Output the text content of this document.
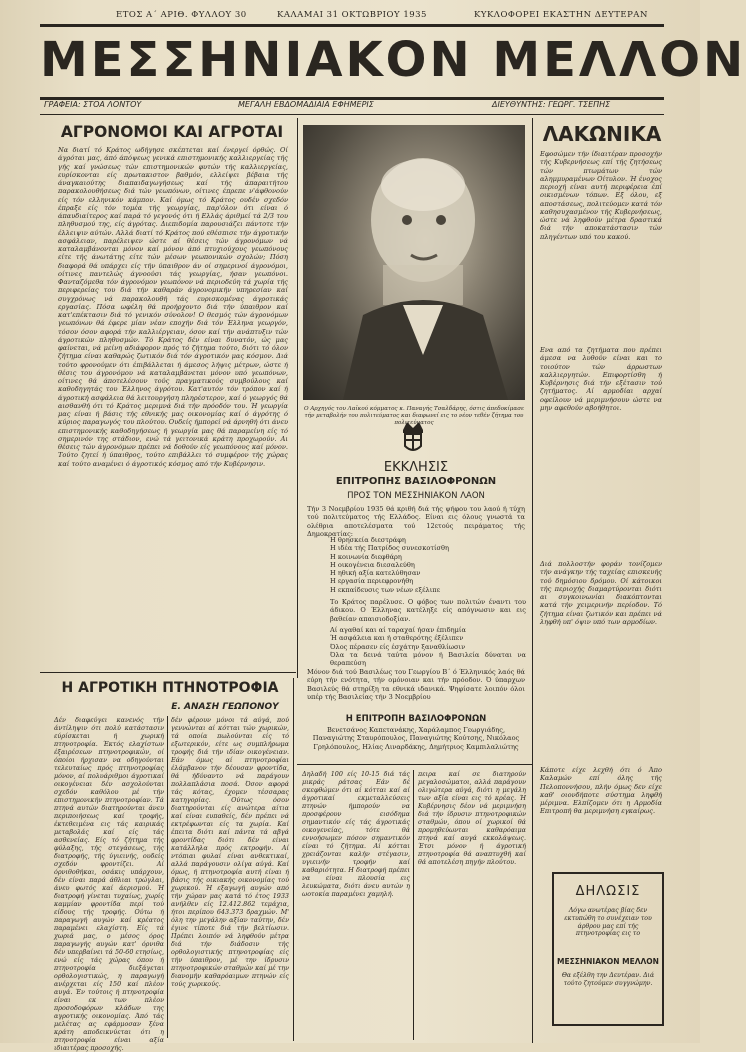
ΕΤΟΣ Α΄ ΑΡΙΘ. ΦΥΛΛΟΥ 30	ΚΑΛΑΜΑΙ 31 ΟΚΤΩΒΡΙΟΥ 1935	ΚΥΚΛΟΦΟΡΕΙ ΕΚΑΣΤΗΝ ΔΕΥΤΕΡΑΝ
ΜΕΣΣΗΝΙΑΚΟΝ ΜΕΛΛΟΝ
ΓΡΑΦΕΙΑ: ΣΤΟΑ ΛΟΝΤΟΥ	ΜΕΓΑΛΗ ΕΒΔΟΜΑΔΙΑΙΑ ΕΦΗΜΕΡΙΣ	ΔΙΕΥΘΥΝΤΗΣ: ΓΕΩΡΓ. ΤΣΕΠΗΣ
ΑΓΡΟΝΟΜΟΙ ΚΑΙ ΑΓΡΟΤΑΙ

Να διατί τό Κράτος ωδήγησε σκέπτεται καί ένεργεί όρθώς. Οί άγρόται μας, άπό άπόψεως γενικά επιστημονικής καλλιεργείας τής γής καί γνώσεως τών επιστημονικών φυτών τής καλλιεργείας, ευρίσκονται είς πρωτακιστον βαθμόν, ελλείψει βέβαια τής άναγκαιούτης διαπαιδαγωγήσεως καί τής άπαραιτήτου παρακολουθήσεως διά τών γεωπόνων, οίτινες έπρεπε ν'άφθονούν είς τόν ελληνικόν κάμπον. Καί όμως τό Κράτος ουδέν σχεδόν έπραξε είς τόν τομέα τής γεωργίας, παρ'όλον ότι είναι ό άπαυδιαίτερος καί παρά τό γεγονός ότι ή Ελλάς άριθμεί τά 2/3 του πληθυσμού της, είς άγρότας. Διεπιδομία παρουσιάζει πάντοτε τήν έλλειψιν αύτών. Αλλά διατί τό Κράτος πού εθέσπισε τήν άγροτικήν ασφάλειαν, παρέλειψεν ώστε αί θέσεις τών άγρονόμων νά καταλαμβάνονται μόνον καί μόνον άπό πτυχιούχους γεωπόνους είτε τής άνωτάτης είτε τών μέσων γεωπονικών σχολών; Πόση διαφορά θά υπάρχει είς τήν ύπαιθρον άν οί σημερινοί άγρονόμοι, οίτινες παντελώς άγνοούσι τάς γεωργίας, ήσαν γεωπόνοι. Φανταζόμεθα τόν άγρονόμον γεωπόνον νά περιοδεύη τά χωρία τής περιφερείας του διά τήν καθαράν άγρονομικήν υπηρεσίαν καί συγχρόνως νά παρακολουθή τάς ευρισκομένας άγροτικάς εργασίας. Πόσα ωφέλη θά προήρχοντο διά τήν ύπαιθρον καί κατ'επέκτασιν διά τό γενικόν σύνολον! Ο θεσμός τών άγρονόμων γεωπόνων θά έφερε μίαν νέαν εποχήν διά τόν Έλληνα γεωργόν, τόσον όσον αφορά τήν καλλιέργειαν, όσον καί τήν ανάπτυξιν τών άγροτικών πληθυσμών. Τό Κράτος δέν είναι δυνατόν, ώς μας φαίνεται, νά μείνη αδιάφορον πρός τό ζήτημα τούτο, διότι τό όλον ζήτημα είναι καθαρώς ζωτικόν διά τόν άγροτικόν μας κόσμον. Διά τούτο φρονούμεν ότι έπιβάλλεται ή άμεσος λήψις μέτρων, ώστε ή θέσις του άγρονόμου νά καταλαμβάνεται μόνον υπό γεωπόνων, οίτινες θά άποτελέσουν τούς πραγματικούς συμβούλους καί καθοδηγητάς του Έλληνος άγρότου. Κατ'αυτόν τόν τρόπον καί ή άγροτική ασφάλεια θά λειτουργήση πληρέστερον, καί ό γεωργός θά αισθανθή ότι τό Κράτος μεριμνά διά τήν πρόοδόν του. Ή γεωργία μας είναι ή βάσις τής εθνικής μας οικονομίας καί ό άγρότης ό κύριος παραγωγός του πλούτου. Ουδείς ήμπορεί νά άρνηθή ότι άνευ επιστημονικής καθοδηγήσεως ή γεωργία μας θά παραμείνη είς τό σημερινόν της στάδιον, ενώ τά γειτονικά κράτη προχωρούν. Αι θέσεις τών άγρονόμων πρέπει νά δοθούν είς γεωπόνους καί μόνον. Τούτο ζητεί ή ύπαιθρος, τούτο επιβάλλει τό συμφέρον τής χώρας καί τούτο αναμένει ό άγροτικός κόσμος από τήν Κυβέρνησιν.

Η ΑΓΡΟΤΙΚΗ ΠΤΗΝΟΤΡΟΦΙΑ
Ε. ΑΝΑΣΗ ΓΕΩΠΟΝΟΥ

Δέν διαφεύγει κανενός τήν άντίληψιν ότι πολύ κατάστασιν εύρίσκεται ή χωρική πτηνοτροφία. Έκτός ελαχίστων έξαιρέσεων πτηνοτροφικών, οί όποίοι ήρχισαν να οδηγούνται τελευταίως πρός πτηνοτροφίας μόνον, αί πολυάριθμοι άγροτικαί οικογένειαι δέν ασχολούνται σχεδόν καθόλου μέ τήν επιστημονικήν πτηνοτροφίαν. Τά πτηνά αυτών διατηρούνται άνευ περιποιήσεως καί τροφής, έκτεθειμένα εις τάς καιρικάς μεταβολάς καί είς τάς ασθενείας. Είς τό ζήτημα τής φύλαξης, τής στεγάσεως, τής διατροφής, τής ύγιεινής, ουδείς σχεδόν φροντίζει. Αί όρνιθοθήκαι, οσάκις υπάρχουν, δέν είναι παρά άθλιαι τρώγλαι, άνευ φωτός καί άερισμού. Ή διατροφή γίνεται τυχαίως, χωρίς καμμίαν φροντίδα περί τού είδους τής τροφής. Ούτω ή παραγωγή αυγών καί κρέατος παραμένει ελαχίστη. Είς τά χωριά μας, ο μέσος όρος παραγωγής αυγών κατ' όρνιθα δέν υπερβαίνει τά 50-60 ετησίως, ενώ είς τάς χώρας όπου ή πτηνοτροφία διεξάγεται ορθολογιστικώς, η παραγωγή ανέρχεται είς 150 καί πλέον αυγά. Έν τούτοις ή πτηνοτροφία είναι εκ των πλέον προσοδοφόρων κλάδων της αγροτικής οικονομίας. Άπό τάς μελέτας ας εφάρμοσαν ξένα κράτη αποδεικνύεται ότι η πτηνοτροφία είναι αξία ιδιαιτέρας προσοχής.

δέν φέρουν μόνοι τά αύγά, πού γεννώνται αί κότται τών χωρικών, τά οποία πωλούνται είς τό εξωτερικόν, είτε ως συμπλήρωμα τροφής διά τήν ιδίαν οικογένειαν. Εάν όμως αί πτηνοτροφίαι έλάμβανον τήν δέουσαν φροντίδα, θά ήδύναντο νά παράγουν πολλαπλάσια ποσά. Όσον αφορά τάς κότας, έχομεν τέσσαρας κατηγορίας. Ούτως όσον διατηρούνται είς ανώτερα αίτια καί είναι ευπαθείς, δέν πρέπει νά εκτρέφωνται είς τα χωρία. Καί έπειτα διότι καί πάντα τά αβγά φροντίδας διότι δέν είναι κατάλληλα πρός εκτροφήν. Αί ντόπιαι φυλαί είναι ανθεκτικαί, αλλά παράγουσιν ολίγα αύγά. Καί όμως, ή πτηνοτροφία αυτή είναι ή βάσις τής οικιακής οικονομίας τού χωρικού. Ή εξαγωγή αυγών από τήν χώραν μας κατά τό έτος 1933 ανήλθεν είς 12.412.862 τεμάχια, ήτοι περίπου 643.373 δραχμών. Μ' όλη την μεγάλην αξίαν ταύτην, δέν έγινε τίποτε διά τήν βελτίωσιν. Πρέπει λοιπόν νά ληφθούν μέτρα διά τήν διάδοσιν τής ορθολογιστικής πτηνοτροφίας είς τήν ύπαιθρον, μέ την ίδρυσιν πτηνοτροφικών σταθμών καί μέ την διανομήν καθαρόαιμων πτηνών είς τούς χωρικούς.

Ο Αρχηγός του Λαϊκού κόμματος κ. Παναγής Τσαλδάρης, όστις άπεδοκίμασε τήν μεταβολήν του πολιτεύματος και διαφωνεί εις το νέον τεθέν ζήτημα του πολιτεύματος
ΕΚΚΛΗΣΙΣ
ΕΠΙΤΡΟΠΗΣ ΒΑΣΙΛΟΦΡΟΝΩΝ
ΠΡΟΣ ΤΟΝ ΜΕΣΣΗΝΙΑΚΟΝ ΛΑΟΝ

Τήν 3 Νοεμβρίου 1935 θά κριθή διά τής ψήφου του λαού ή τύχη τού πολιτεύματος τής Ελλάδος. Είναι εις όλους γνωστά τα ολέθρια αποτελέσματα τού 12ετούς πειράματος τής Δημοκρατίας:

Η θρησκεία διεστράφη
Η ιδέα τής Πατρίδος συνεσκοτίσθη
Η κοινωνία διεφθάρη
Η οικογένεια διεσαλεύθη
Η ηθική αξία κατελύθησαν
Η εργασία περιεφρονήθη
Η εκπαίδευσις των νέων εξέλιπε

Το Κράτος παρέλυσε. Ο φόβος των πολιτών έναντι του άδικου. Ο Έλληνας κατέληξε είς απόγνωσιν και εις βαθείαν απαισιοδοξίαν.

Αί αγαθαί και αί ταραχαί ήσαν έπιδημία
Ή ασφάλεια και ή σταθερότης έξέλιπεν
Όλος πέρασεν είς έσχάτην ξαναθλίωσιν
Όλα τα δεινά ταύτα μόνον ή Βασιλεία δύναται να θεραπεύση

Μόνον διά τού Βασιλέως του Γεωργίου Β΄ ό Έλληνικός λαός θά εύρη τήν ενότητα, τήν ομόνοιαν και τήν πρόοδον. Ό ύπαρχων Βασιλεύς θά στηρίξη τα εθνικά ιδανικά. Ψηφίσατε λοιπόν όλοι υπέρ τής Βασιλείας τήν 3 Νοεμβρίου

Η ΕΠΙΤΡΟΠΗ ΒΑΣΙΛΟΦΡΟΝΩΝ

Βενετσάνος Καπετανάκης, Χαράλαμπος Γεωργιάδης, Παναγιώτης Σταυρόπουλος, Παναγιώτης Κούτσης, Νικόλαος Γρηλόπουλος, Ηλίας Λιναρδάκης, Δημήτριος Καμπιλαλιώτης

Δηλαδή 100 είς 10-15 διά τάς μικράς ράτσας Εάν δέ σκεφθώμεν ότι αί κότται καί αί άγροτικαί εκμεταλλεύσεις πτηνών ήμπορούν να προσφέρουν εισόδημα σημαντικόν είς τάς άγροτικάς οικογενείας, τότε θά εννοήσωμεν πόσον σημαντικόν είναι τό ζήτημα. Αί κότται χρειάζονται καλήν στέγασιν, υγιεινήν τροφήν καί καθαριότητα. Η διατροφή πρέπει να είναι πλουσία εις λευκώματα, διότι άνευ αυτών η ωοτοκία παραμένει χαμηλή.

πειρα καί σε διατηρούν μεγαλοσώματοι, αλλά παράγουν ολιγώτερα αύγά, διότι η μεγάλη των αξία είναι εις τό κρέας. Ή Κυβέρνησις δέον νά μεριμνήση διά τήν ίδρυσιν πτηνοτροφικών σταθμών, όπου οί χωρικοί θά προμηθεύωνται καθαρόαιμα πτηνά καί αυγά εκκολάψεως. Έτσι μόνον ή άγροτική πτηνοτροφία θά αναπτυχθή καί θά αποτελέση πηγήν πλούτου.

ΛΑΚΩΝΙΚΑ

Εφοσώμεν τήν ίδιαιτέραν προσοχήν τής Κυβερνήσεως επί τής ζητήσεως τών πτωμάτων τών αλημμυραμένων Οίτυλον. Ή ένοχος περιοχή είναι αυτή περιφέρεια έπί οικισμένων τόπων. Εξ όλου, εξ αποστάσεως, πολιτεύομεν κατά τόν καθησυχασμένον τής Κυβερνήσεως, ώστε νά ληφθούν μέτρα δραστικά διά τήν αποκατάστασιν τών πληγέντων υπό του κακού.

Ενα από τα ζητήματα που πρέπει άμεσα να λυθούν είναι και το τοιούτον τών άρρωστων καλλιεργητών. Επιφορτίσθη ή Κυβέρνησις διά τήν εξέτασιν τού ζητήματος. Αί αρμοδίαι αρχαί οφείλουν νά μεριμνήσουν ώστε να μην αφεθούν αβοήθητοι.

Διά πολλοστήν φοράν τονίζομεν τήν ανάγκην τής ταχείας επισκευής τού δημόσιου δρόμου. Οί κάτοικοι τής περιοχής διαμαρτύρονται διότι αι συγκοινωνίαι διακόπτονται κατά τήν χειμερινήν περίοδον. Τό ζήτημα είναι ζωτικόν και πρέπει νά ληφθή υπ' όψιν υπό των αρμοδίων.

Κάποτε είχε λεχθή ότι ό Άπο Καλαμών επί όλης τής Πελοποννήσου, πλήν όμως δεν είχε καθ' οιονδήποτε σύστημα ληφθή μέριμνα. Ελπίζομεν ότι η Αρμοδία Επιτροπή θα μεριμνήση εγκαίρως.

ΔΗΛΩΣΙΣ
Λόγω ανωτέρας βίας δεν εκτυπώθη το συνέχειαν του άρθρου μας επί τής πτηνοτροφίας εις το
ΜΕΣΣΗΝΙΑΚΟΝ ΜΕΛΛΟΝ
Θα εξέλθη την Δευτέραν. Διά τούτο ζητούμεν συγγνώμην.
